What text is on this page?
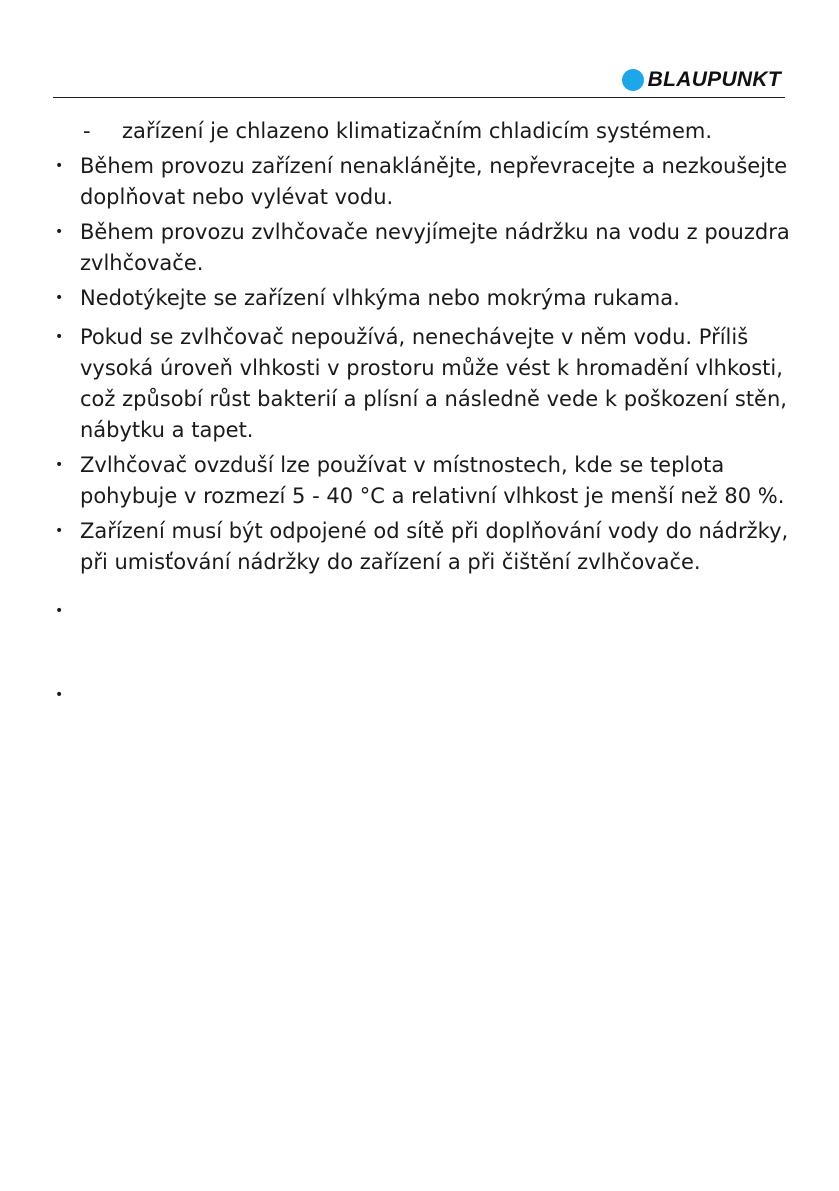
BLAUPUNKT
-	zařízení je chlazeno klimatizačním chladicím systémem.
• Během provozu zařízení nenaklánějte, nepřevracejte a nezkoušejte doplňovat nebo vylévat vodu.
• Během provozu zvlhčovače nevyjímejte nádržku na vodu z pouzdra zvlhčovače.
• Nedotýkejte se zařízení vlhkýma nebo mokrýma rukama.
• Pokud se zvlhčovač nepoužívá, nenechávejte v něm vodu. Příliš vysoká úroveň vlhkosti v prostoru může vést k hromadění vlhkosti, což způsobí růst bakterií a plísní a následně vede k poškození stěn, nábytku a tapet.
• Zvlhčovač ovzduší lze používat v místnostech, kde se teplota pohybuje v rozmezí 5 - 40 °C a relativní vlhkost je menší než 80 %.
• Zařízení musí být odpojené od sítě při doplňování vody do nádržky, při umisťování nádržky do zařízení a při čištění zvlhčovače.
•
•
